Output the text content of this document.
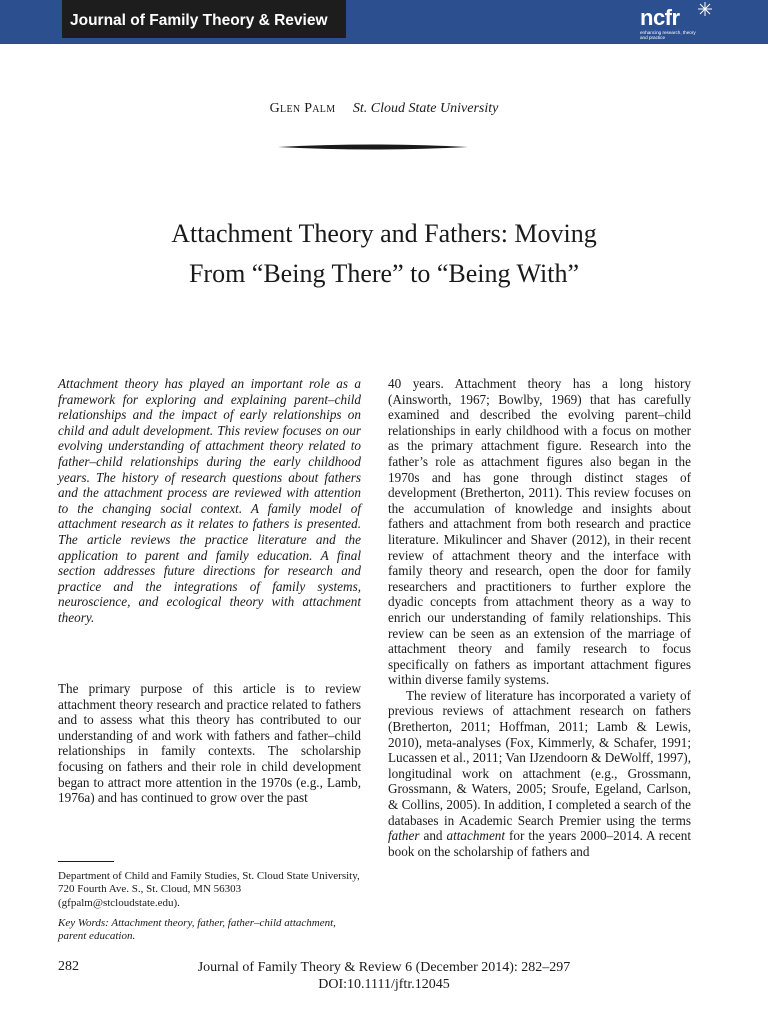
Journal of Family Theory & Review	ncfr
enhancing research, theory and practice
Glen Palm St. Cloud State University
Attachment Theory and Fathers: Moving
From “Being There” to “Being With”
Attachment theory has played an important role as a framework for exploring and explaining parent–child relationships and the impact of early relationships on child and adult development. This review focuses on our evolving understanding of attachment theory related to father–child relationships during the early childhood years. The history of research questions about fathers and the attachment process are reviewed with attention to the changing social context. A family model of attachment research as it relates to fathers is presented. The article reviews the practice literature and the application to parent and family education. A final section addresses future directions for research and practice and the integrations of family systems, neuroscience, and ecological theory with attachment theory.
The primary purpose of this article is to review attachment theory research and practice related to fathers and to assess what this theory has contributed to our understanding of and work with fathers and father–child relationships in family contexts. The scholarship focusing on fathers and their role in child development began to attract more attention in the 1970s (e.g., Lamb, 1976a) and has continued to grow over the past

40 years. Attachment theory has a long history (Ainsworth, 1967; Bowlby, 1969) that has carefully examined and described the evolving parent–child relationships in early childhood with a focus on mother as the primary attachment figure. Research into the father’s role as attachment figures also began in the 1970s and has gone through distinct stages of development (Bretherton, 2011). This review focuses on the accumulation of knowledge and insights about fathers and attachment from both research and practice literature. Mikulincer and Shaver (2012), in their recent review of attachment theory and the interface with family theory and research, open the door for family researchers and practitioners to further explore the dyadic concepts from attachment theory as a way to enrich our understanding of family relationships. This review can be seen as an extension of the marriage of attachment theory and family research to focus specifically on fathers as important attachment figures within diverse family systems.

The review of literature has incorporated a variety of previous reviews of attachment research on fathers (Bretherton, 2011; Hoffman, 2011; Lamb & Lewis, 2010), meta-analyses (Fox, Kimmerly, & Schafer, 1991; Lucassen et al., 2011; Van IJzendoorn & DeWolff, 1997), longitudinal work on attachment (e.g., Grossmann, Grossmann, & Waters, 2005; Sroufe, Egeland, Carlson, & Collins, 2005). In addition, I completed a search of the databases in Academic Search Premier using the terms father and attachment for the years 2000–2014. A recent book on the scholarship of fathers and

Department of Child and Family Studies, St. Cloud State University, 720 Fourth Ave. S., St. Cloud, MN 56303 (gfpalm@stcloudstate.edu).
Key Words: Attachment theory, father, father–child attachment, parent education.
282	Journal of Family Theory & Review 6 (December 2014): 282–297
DOI:10.1111/jftr.12045
